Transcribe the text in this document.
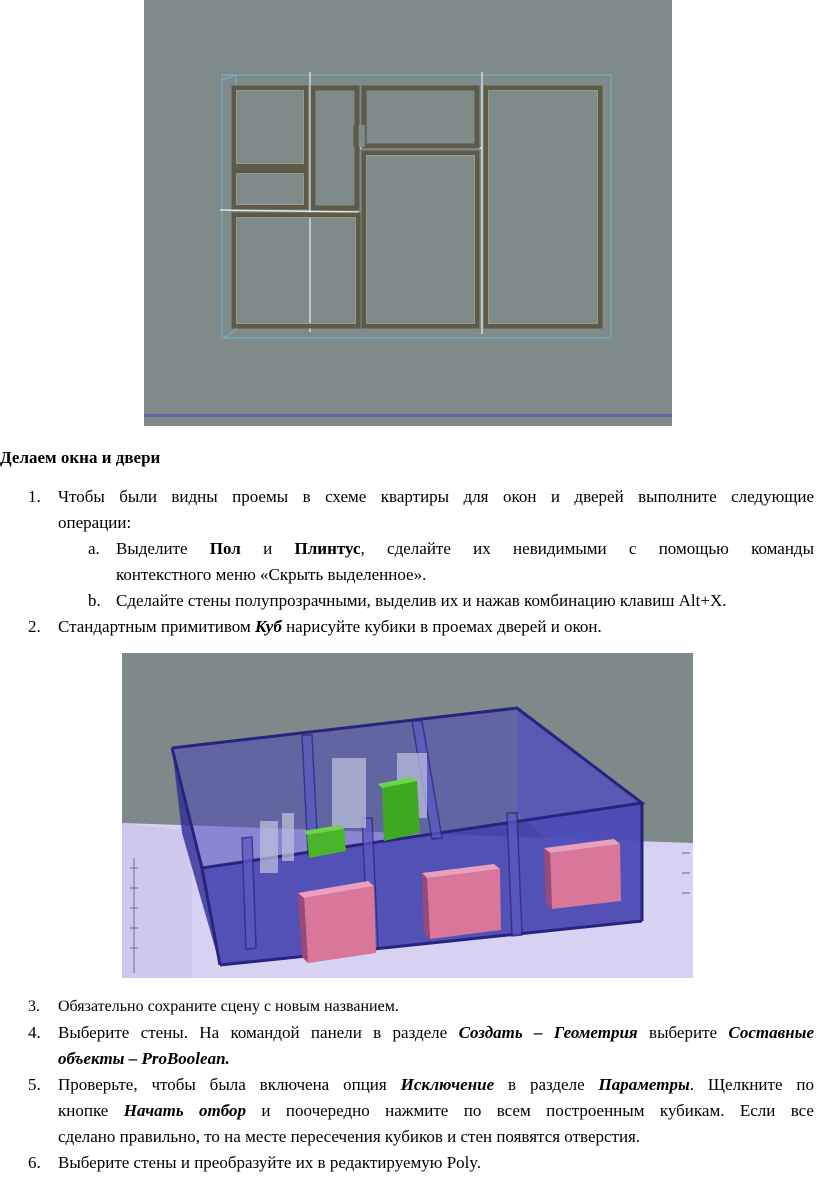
Делаем окна и двери
1.	Чтобы были видны проемы в схеме квартиры для окон и дверей выполните следующие
операции:
a. Выделите Пол и Плинтус, сделайте их невидимыми с помощью команды
контекстного меню «Скрыть выделенное».
b. Сделайте стены полупрозрачными, выделив их и нажав комбинацию клавиш Alt+X.
2.	Стандартным примитивом Куб нарисуйте кубики в проемах дверей и окон.
3.	Обязательно сохраните сцену с новым названием.
4.	Выберите стены. На командой панели в разделе Создать – Геометрия выберите Составные
объекты – ProBoolean.
5.	Проверьте, чтобы была включена опция Исключение в разделе Параметры. Щелкните по
кнопке Начать отбор и поочередно нажмите по всем построенным кубикам. Если все
сделано правильно, то на месте пересечения кубиков и стен появятся отверстия.
6.	Выберите стены и преобразуйте их в редактируемую Poly.
